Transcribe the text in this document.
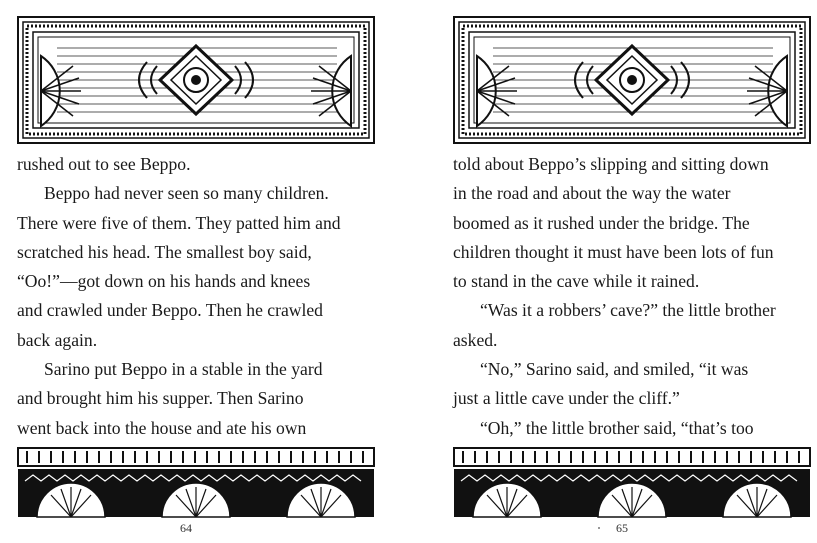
rushed out to see Beppo.

Beppo had never seen so many children.

There were five of them. They patted him and

scratched his head. The smallest boy said,

“Oo!”—got down on his hands and knees

and crawled under Beppo. Then he crawled

back again.

Sarino put Beppo in a stable in the yard

and brought him his supper. Then Sarino

went back into the house and ate his own

64

told about Beppo’s slipping and sitting down

in the road and about the way the water

boomed as it rushed under the bridge. The

children thought it must have been lots of fun

to stand in the cave while it rained.

“Was it a robbers’ cave?” the little brother

asked.

“No,” Sarino said, and smiled, “it was

just a little cave under the cliff.”

“Oh,” the little brother said, “that’s too

65
